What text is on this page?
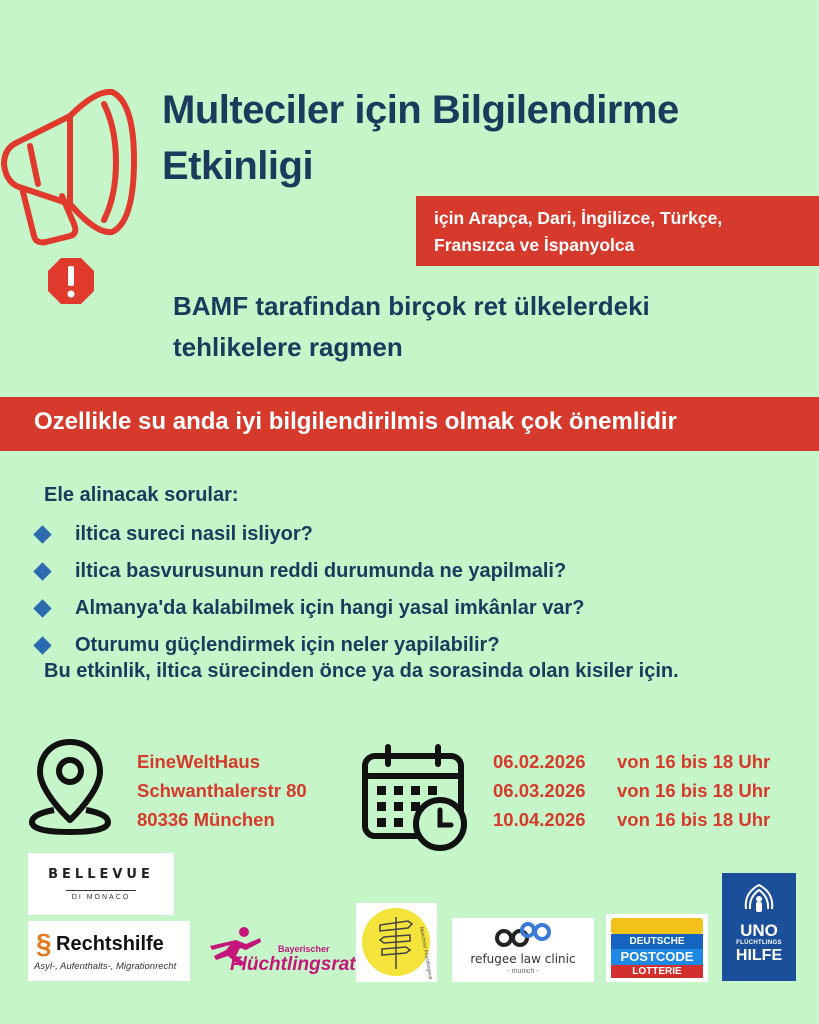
Multeciler için Bilgilendirme
Etkinligi
için Arapça, Dari, İngilizce, Türkçe,
Fransızca ve İspanyolca
BAMF tarafindan birçok ret ülkelerdeki
tehlikelere ragmen
Ozellikle su anda iyi bilgilendirilmis olmak çok önemlidir
Ele alinacak sorular:
iltica sureci nasil isliyor?
iltica basvurusunun reddi durumunda ne yapilmali?
Almanya'da kalabilmek için hangi yasal imkânlar var?
Oturumu güçlendirmek için neler yapilabilir?
Bu etkinlik, iltica sürecinden önce ya da sorasinda olan kisiler için.
EineWeltHaus
Schwanthalerstr 80
80336 München
06.02.2026 von 16 bis 18 Uhr
06.03.2026 von 16 bis 18 Uhr
10.04.2026 von 16 bis 18 Uhr
BELLEVUE
DI MONACO
§ Rechtshilfe
Asyl-, Aufenthalts-, Migrationrecht
Bayerischer
Flüchtlingsrat	Münchner Flüchtlingsrat	refugee law clinic
- munich -
DEUTSCHE
POSTCODE
LOTTERIE
UNO
FLÜCHTLINGS
HILFE
